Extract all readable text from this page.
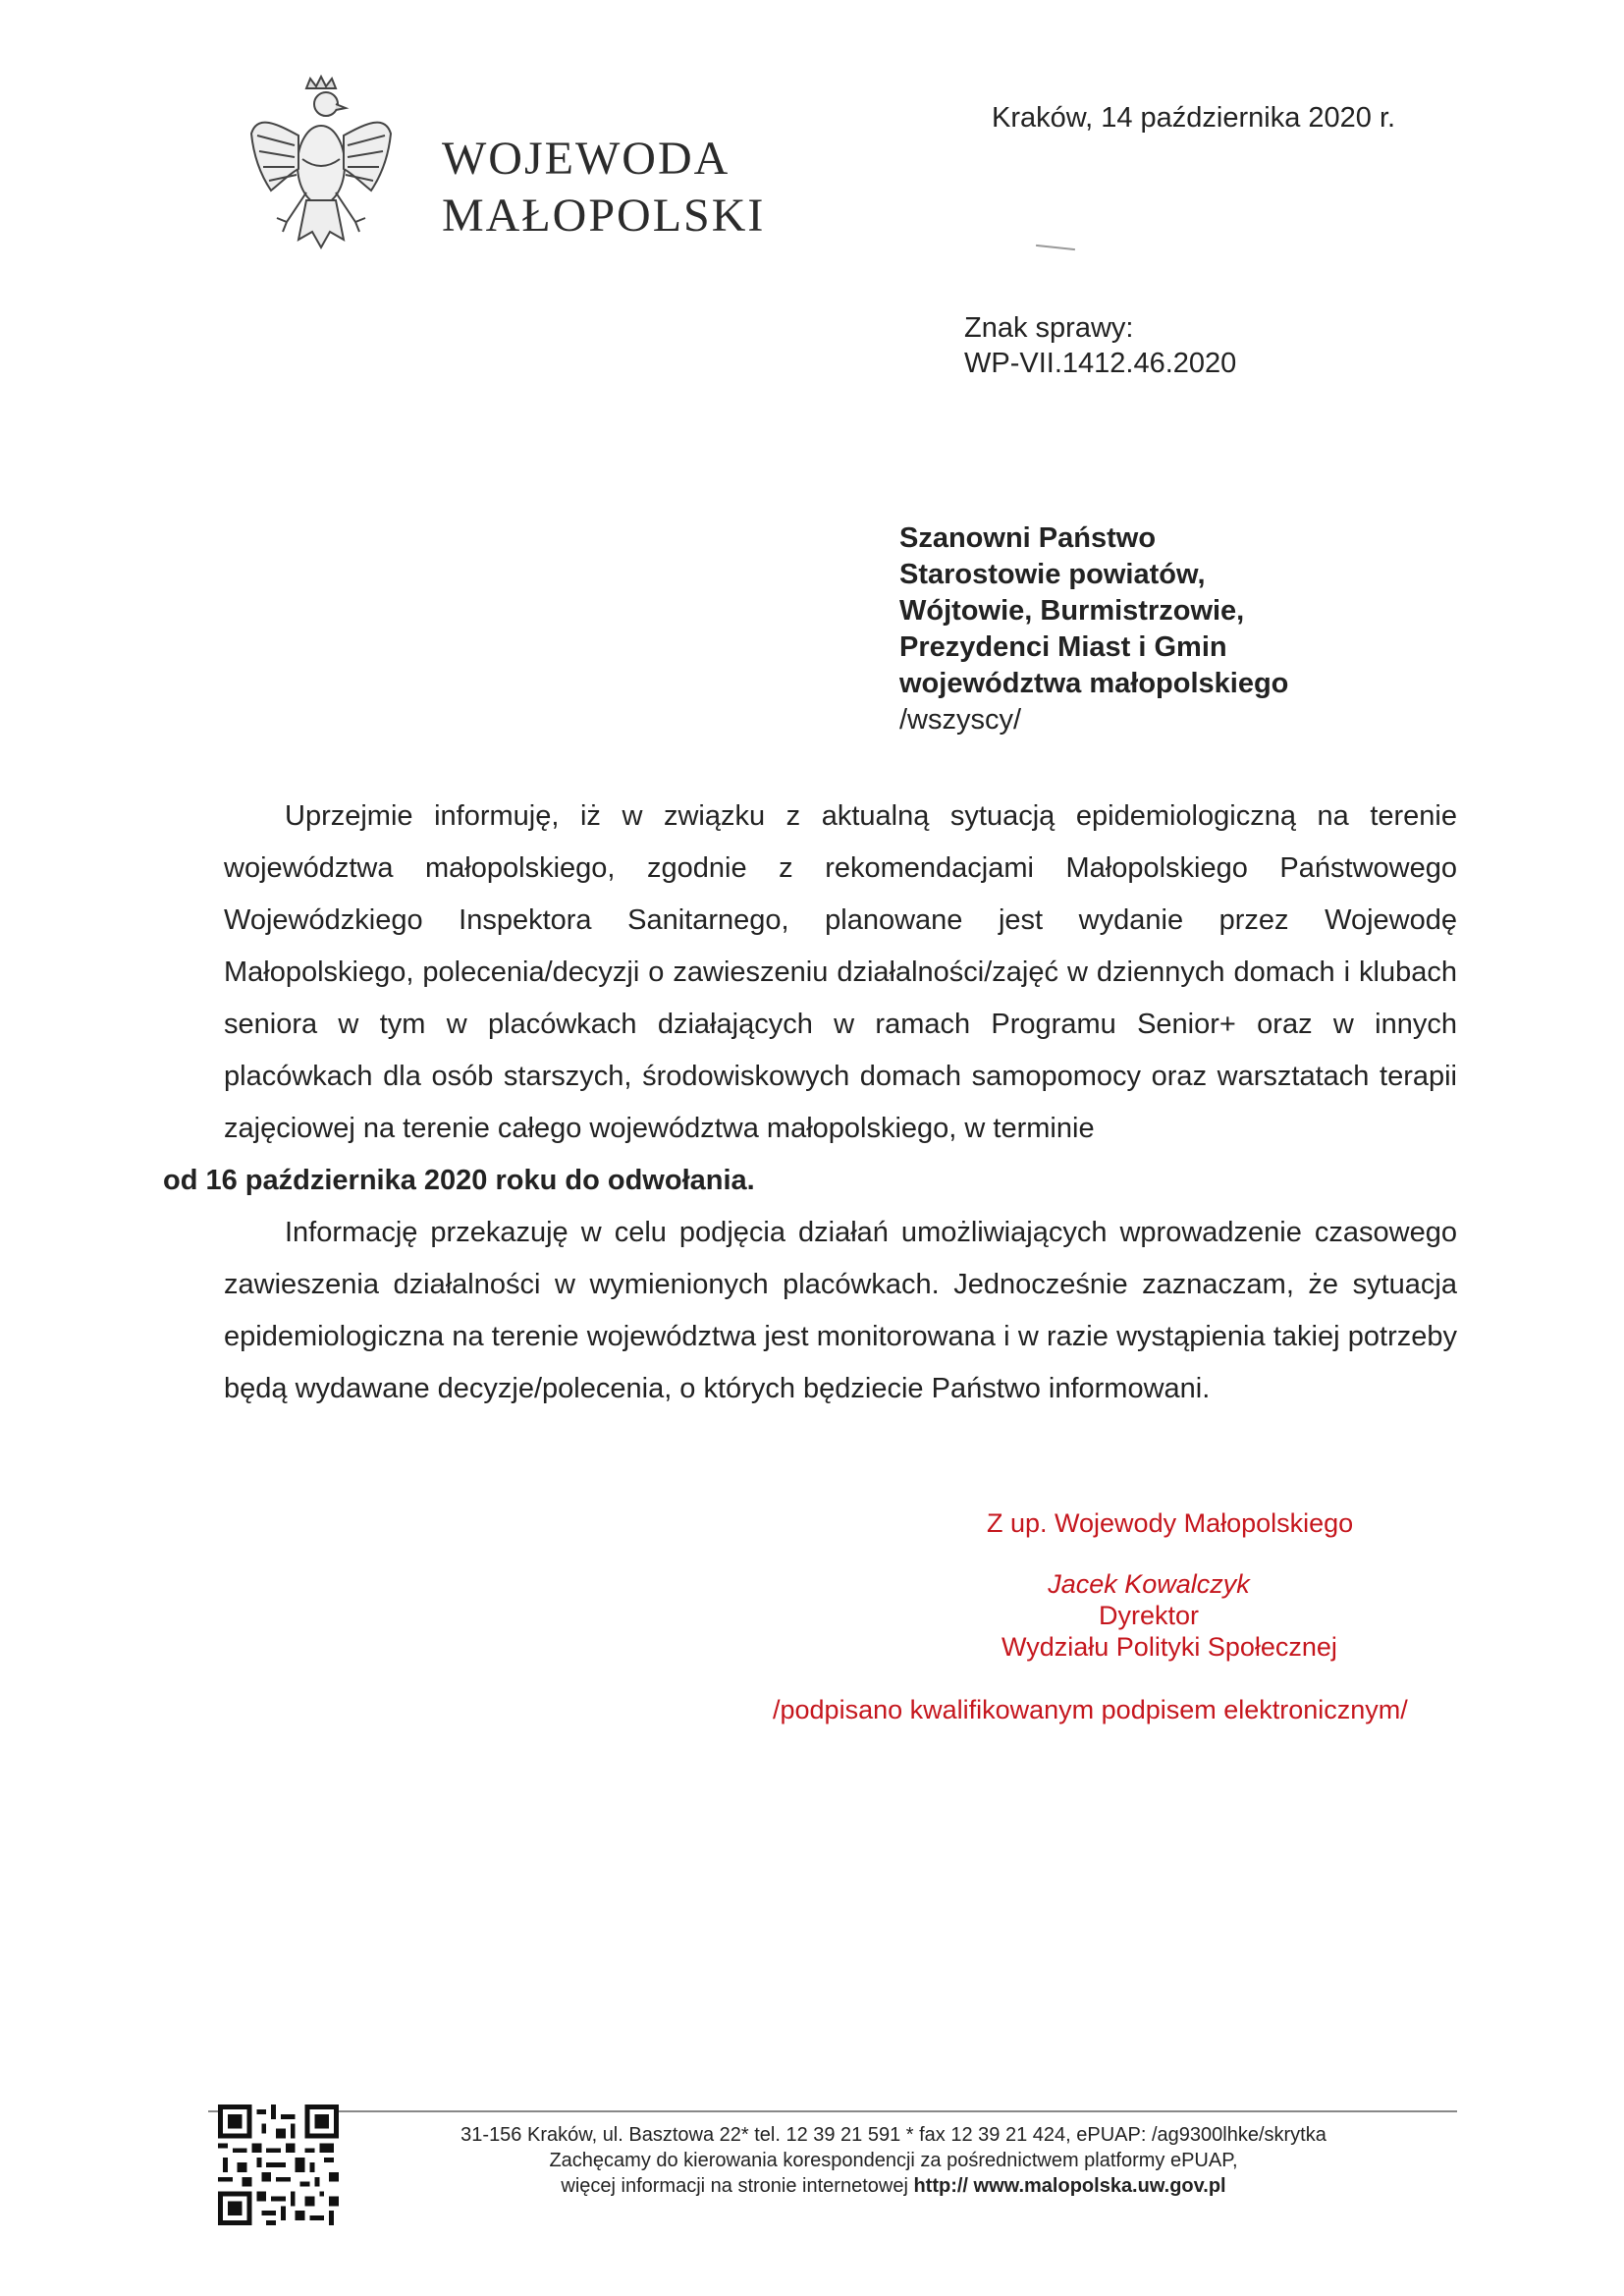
WOJEWODA
MAŁOPOLSKI
Kraków, 14 października 2020 r.
Znak sprawy:
WP-VII.1412.46.2020
Szanowni Państwo
Starostowie powiatów,
Wójtowie, Burmistrzowie,
Prezydenci Miast i Gmin
województwa małopolskiego
/wszyscy/

Uprzejmie informuję, iż w związku z aktualną sytuacją epidemiologiczną na terenie województwa małopolskiego, zgodnie z rekomendacjami Małopolskiego Państwowego Wojewódzkiego Inspektora Sanitarnego, planowane jest wydanie przez Wojewodę Małopolskiego, polecenia/decyzji o zawieszeniu działalności/zajęć w dziennych domach i klubach seniora w tym w placówkach działających w ramach Programu Senior+ oraz w innych placówkach dla osób starszych, środowiskowych domach samopomocy oraz warsztatach terapii zajęciowej na terenie całego województwa małopolskiego, w terminie
od 16 października 2020 roku do odwołania.

Informację przekazuję w celu podjęcia działań umożliwiających wprowadzenie czasowego zawieszenia działalności w wymienionych placówkach. Jednocześnie zaznaczam, że sytuacja epidemiologiczna na terenie województwa jest monitorowana i w razie wystąpienia takiej potrzeby będą wydawane decyzje/polecenia, o których będziecie Państwo informowani.

Z up. Wojewody Małopolskiego
Jacek Kowalczyk
Dyrektor
Wydziału Polityki Społecznej
/podpisano kwalifikowanym podpisem elektronicznym/
31-156 Kraków, ul. Basztowa 22* tel. 12 39 21 591 * fax 12 39 21 424, ePUAP: /ag9300lhke/skrytka
Zachęcamy do kierowania korespondencji za pośrednictwem platformy ePUAP,
więcej informacji na stronie internetowej http:// www.malopolska.uw.gov.pl
